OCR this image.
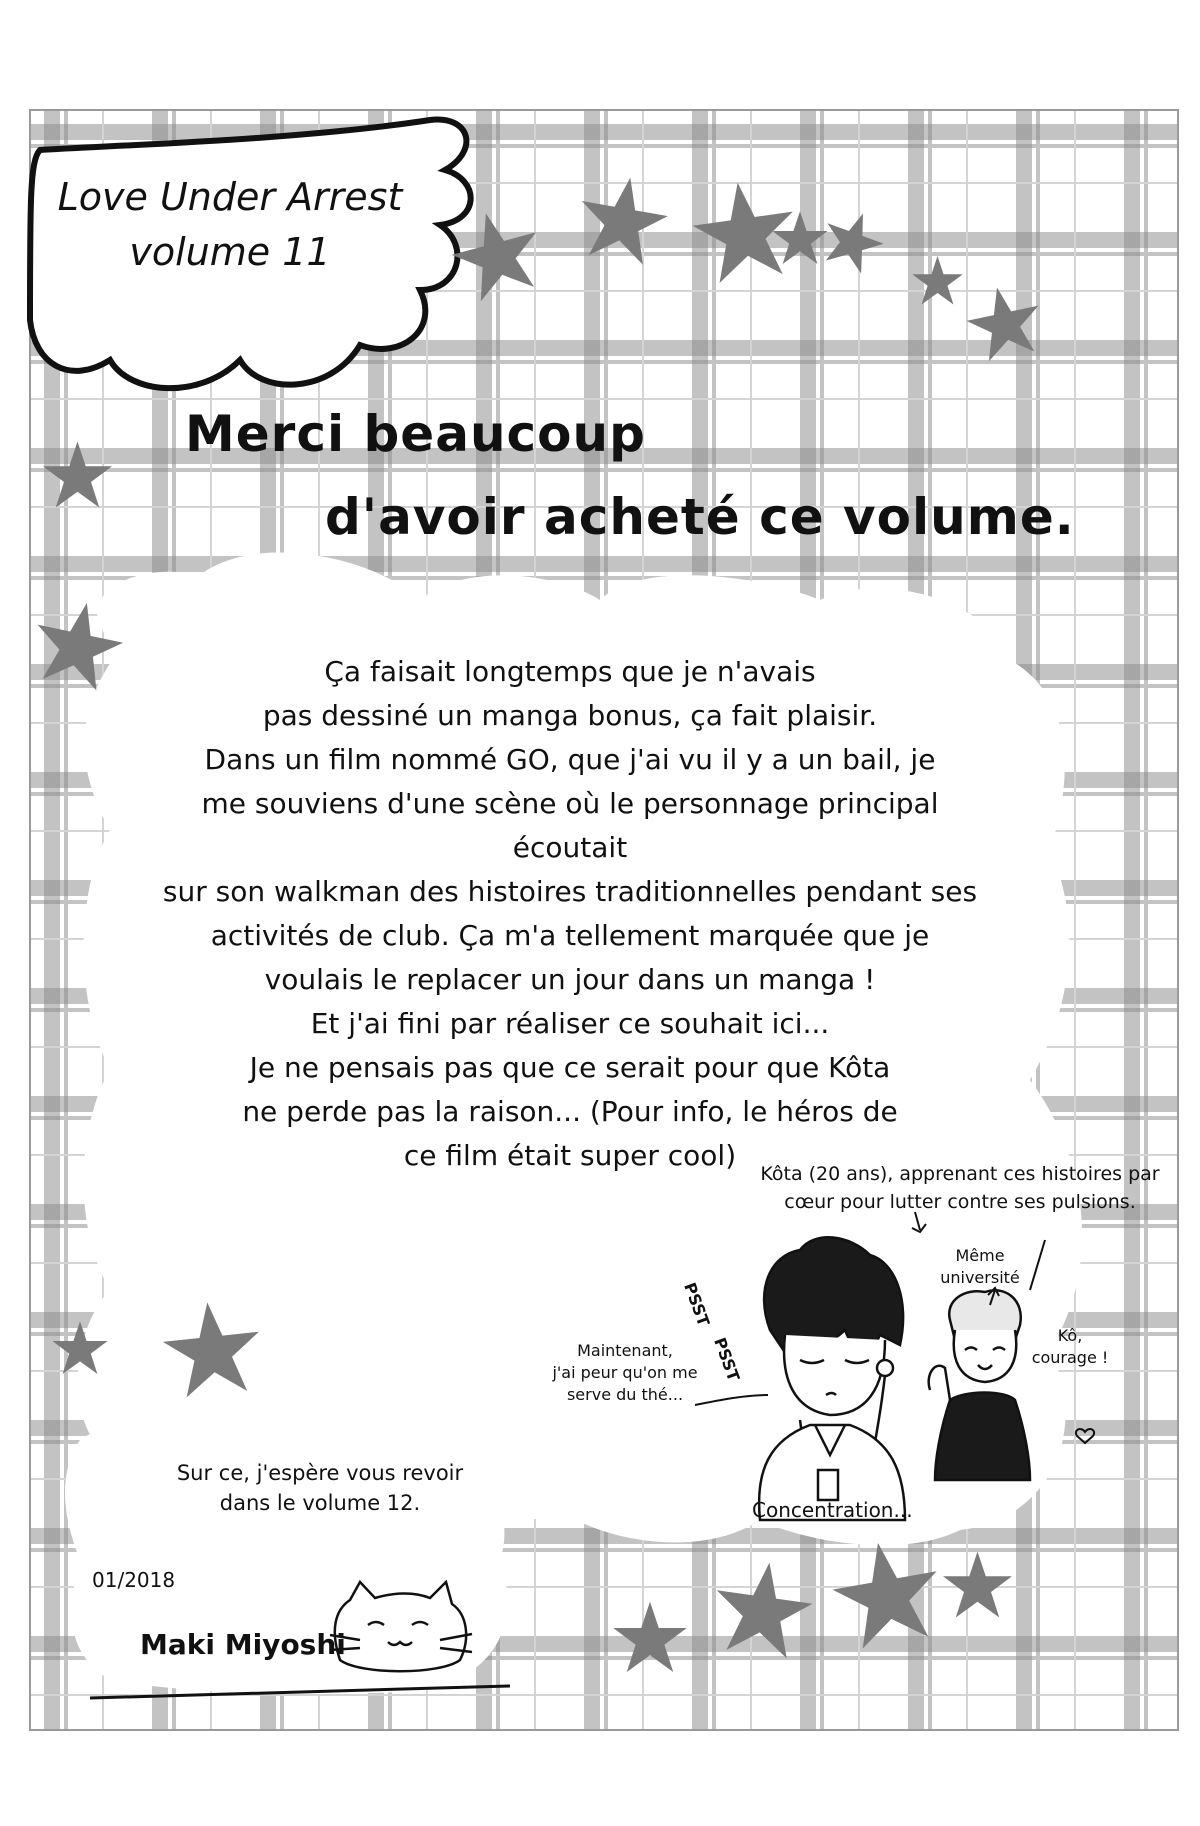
Love Under Arrest
volume 11
Merci beaucoup
d'avoir acheté ce volume.
Ça faisait longtemps que je n'avais
pas dessiné un manga bonus, ça fait plaisir.
Dans un film nommé GO, que j'ai vu il y a un bail, je
me souviens d'une scène où le personnage principal écoutait
sur son walkman des histoires traditionnelles pendant ses
activités de club. Ça m'a tellement marquée que je
voulais le replacer un jour dans un manga !
Et j'ai fini par réaliser ce souhait ici...
Je ne pensais pas que ce serait pour que Kôta
ne perde pas la raison... (Pour info, le héros de
ce film était super cool)
Kôta (20 ans), apprenant ces histoires par
cœur pour lutter contre ses pulsions.
PSST
PSST
Maintenant,
j'ai peur qu'on me
serve du thé...
Même
université
Kô,
courage !
Concentration...
Sur ce, j'espère vous revoir
dans le volume 12.
01/2018
Maki Miyoshi
